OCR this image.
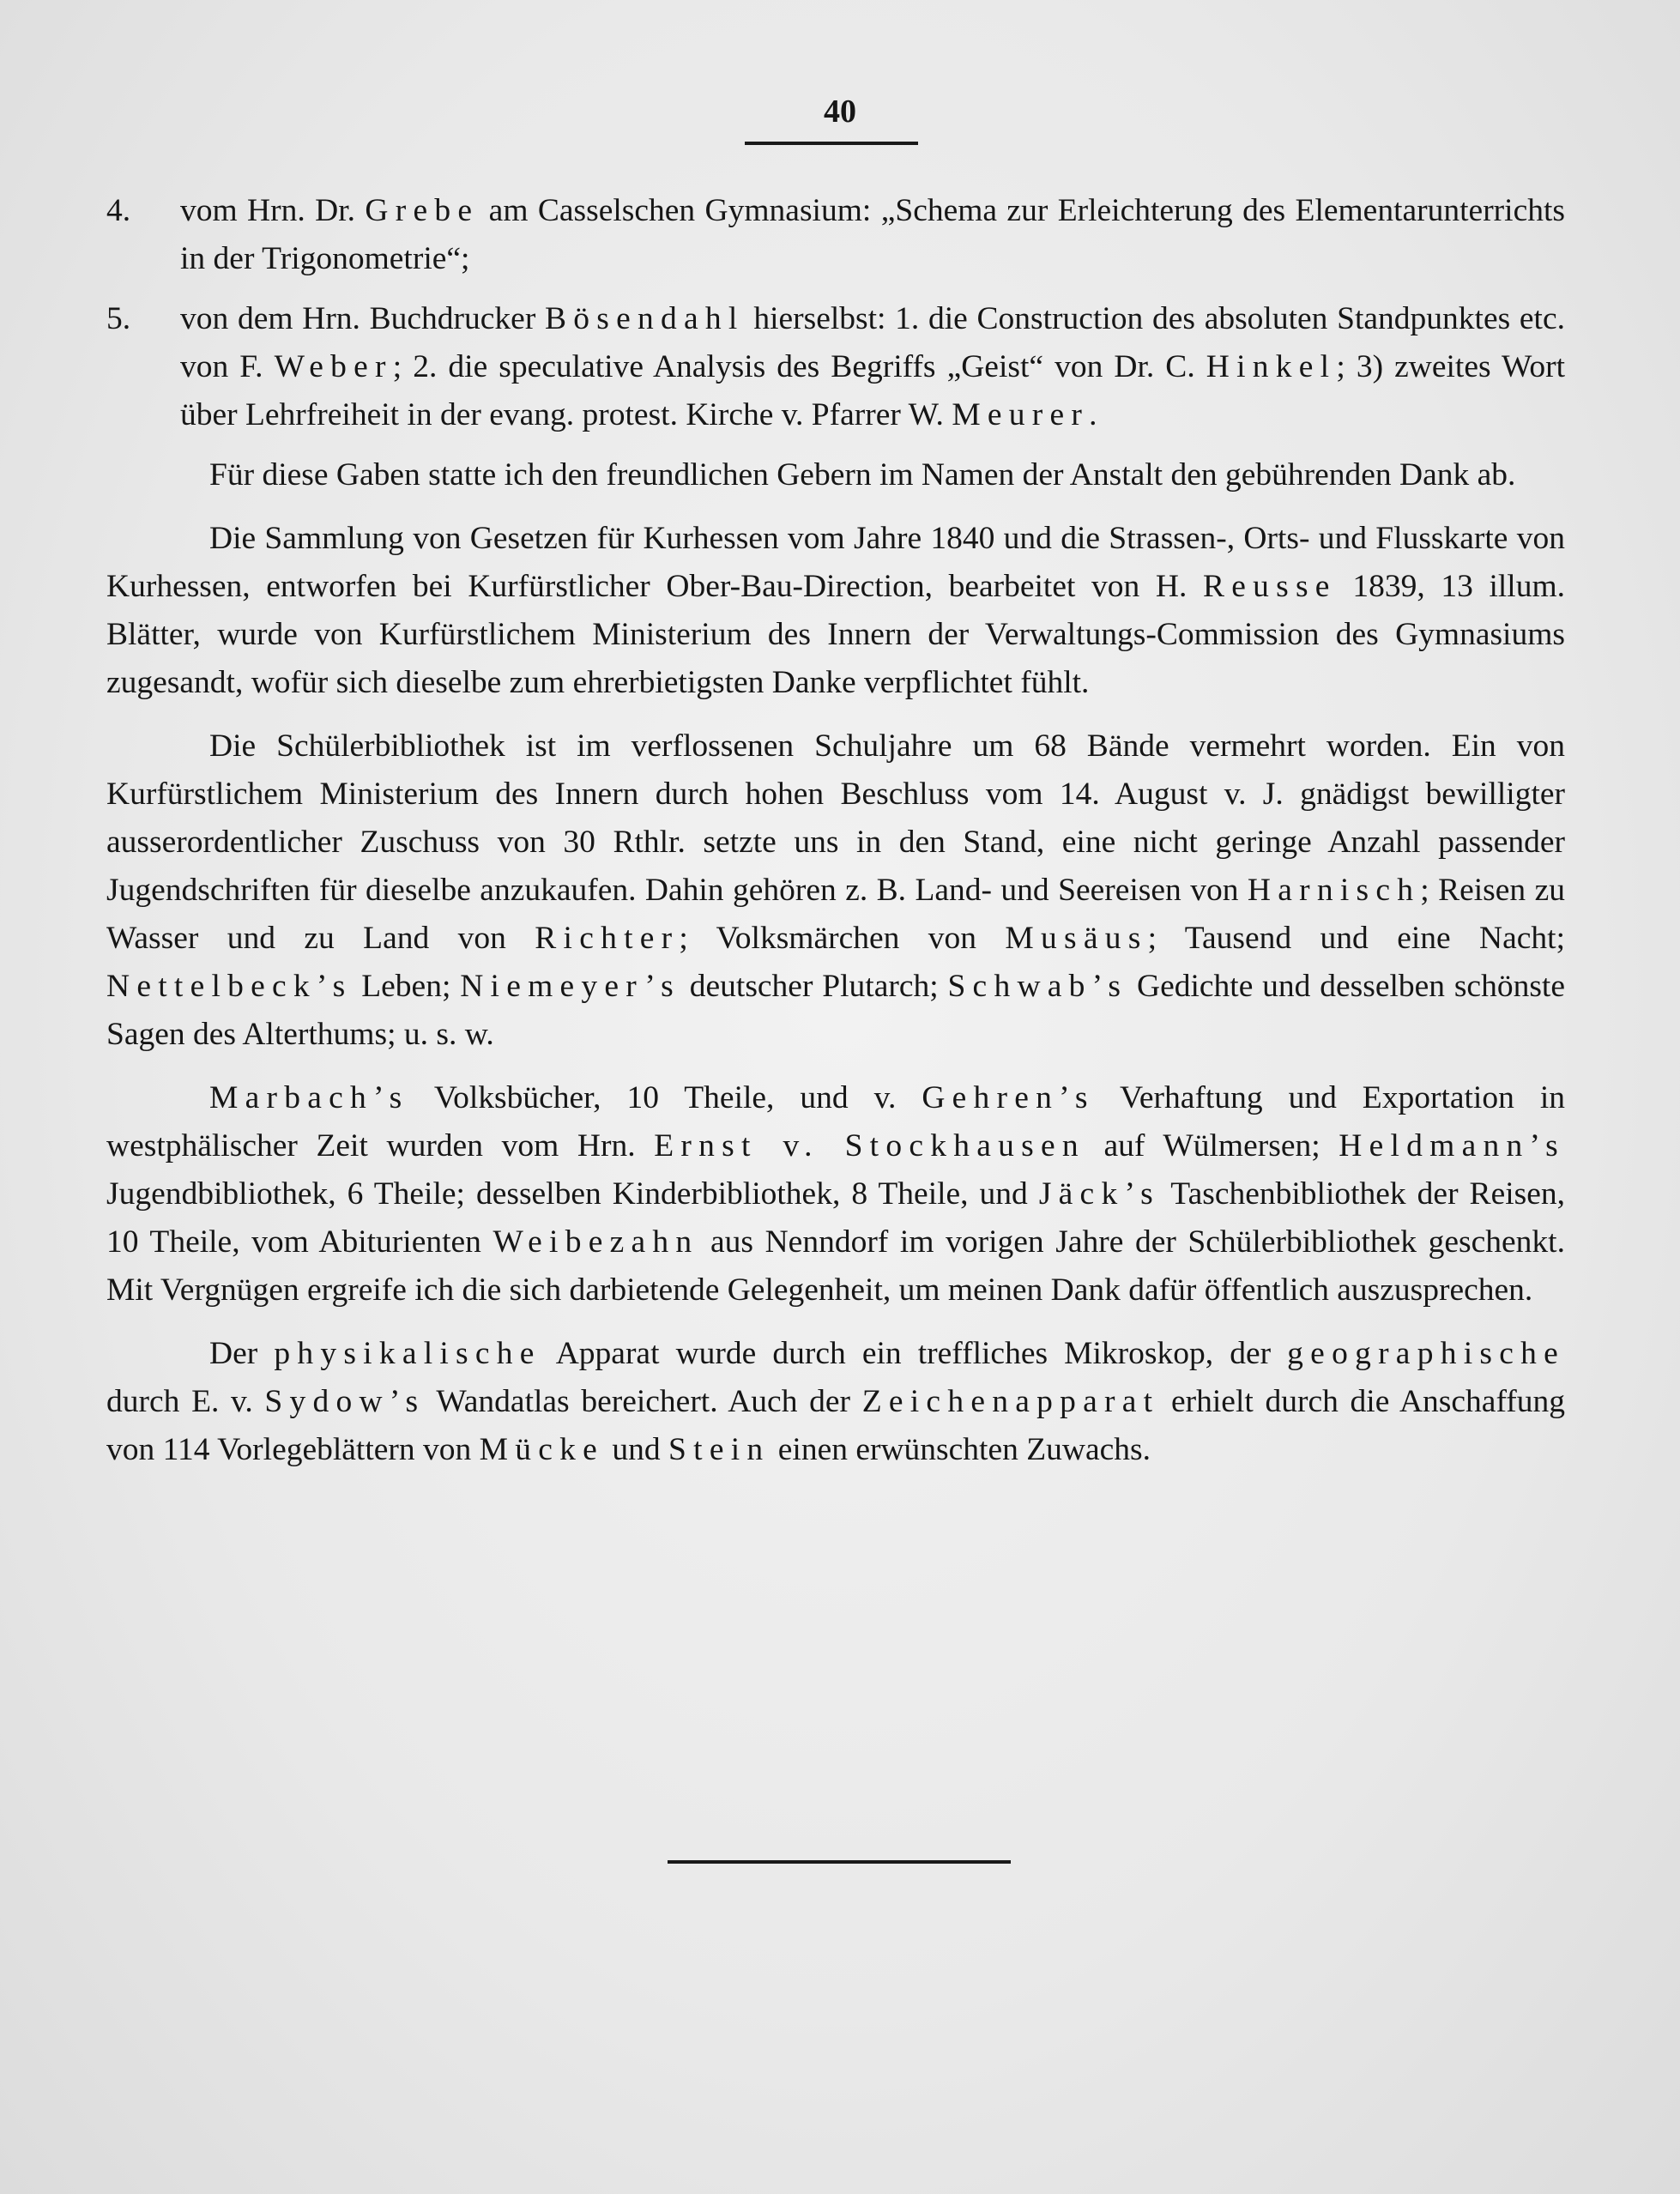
40
4. vom Hrn. Dr. Grebe am Casselschen Gymnasium: „Schema zur Erleichterung des Elementarunterrichts in der Trigonometrie“;
5. von dem Hrn. Buchdrucker Bösendahl hierselbst: 1. die Construction des absoluten Standpunktes etc. von F. Weber; 2. die speculative Analysis des Begriffs „Geist“ von Dr. C. Hinkel; 3) zweites Wort über Lehrfreiheit in der evang. protest. Kirche v. Pfarrer W. Meurer.

Für diese Gaben statte ich den freundlichen Gebern im Namen der Anstalt den gebührenden Dank ab.

Die Sammlung von Gesetzen für Kurhessen vom Jahre 1840 und die Strassen-, Orts- und Flusskarte von Kurhessen, entworfen bei Kurfürstlicher Ober-Bau-Direction, bearbeitet von H. Reusse 1839, 13 illum. Blätter, wurde von Kurfürstlichem Ministerium des Innern der Verwaltungs-Commission des Gymnasiums zugesandt, wofür sich dieselbe zum ehrerbietigsten Danke verpflichtet fühlt.

Die Schülerbibliothek ist im verflossenen Schuljahre um 68 Bände vermehrt worden. Ein von Kurfürstlichem Ministerium des Innern durch hohen Beschluss vom 14. August v. J. gnädigst bewilligter ausserordentlicher Zuschuss von 30 Rthlr. setzte uns in den Stand, eine nicht geringe Anzahl passender Jugendschriften für dieselbe anzukaufen. Dahin gehören z. B. Land- und Seereisen von Harnisch; Reisen zu Wasser und zu Land von Richter; Volksmärchen von Musäus; Tausend und eine Nacht; Nettelbeck’s Leben; Niemeyer’s deutscher Plutarch; Schwab’s Gedichte und desselben schönste Sagen des Alterthums; u. s. w.

Marbach’s Volksbücher, 10 Theile, und v. Gehren’s Verhaftung und Exportation in westphälischer Zeit wurden vom Hrn. Ernst v. Stockhausen auf Wülmersen; Heldmann’s Jugendbibliothek, 6 Theile; desselben Kinderbibliothek, 8 Theile, und Jäck’s Taschenbibliothek der Reisen, 10 Theile, vom Abiturienten Weibezahn aus Nenndorf im vorigen Jahre der Schülerbibliothek geschenkt. Mit Vergnügen ergreife ich die sich darbietende Gelegenheit, um meinen Dank dafür öffentlich auszusprechen.

Der physikalische Apparat wurde durch ein treffliches Mikroskop, der geographische durch E. v. Sydow’s Wandatlas bereichert. Auch der Zeichenapparat erhielt durch die Anschaffung von 114 Vorlegeblättern von Mücke und Stein einen erwünschten Zuwachs.
